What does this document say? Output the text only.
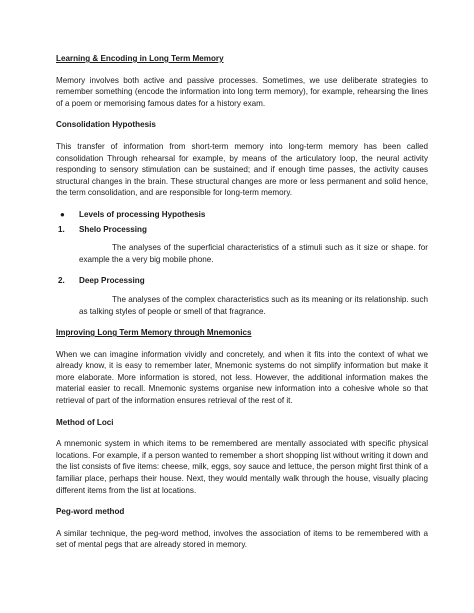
Learning & Encoding in Long Term Memory

Memory involves both active and passive processes. Sometimes, we use deliberate strategies to remember something (encode the information into long term memory), for example, rehearsing the lines of a poem or memorising famous dates for a history exam.

Consolidation Hypothesis

This transfer of information from short-term memory into long-term memory has been called consolidation Through rehearsal for example, by means of the articulatory loop, the neural activity responding to sensory stimulation can be sustained; and if enough time passes, the activity causes structural changes in the brain. These structural changes are more or less permanent and solid hence, the term consolidation, and are responsible for long-term memory.

●	Levels of processing Hypothesis
1.	Shelo Processing

The analyses of the superficial characteristics of a stimuli such as it size or shape. for example the a very big mobile phone.

2.	Deep Processing

The analyses of the complex characteristics such as its meaning or its relationship. such as talking styles of people or smell of that fragrance.

Improving Long Term Memory through Mnemonics

When we can imagine information vividly and concretely, and when it fits into the context of what we already know, it is easy to remember later, Mnemonic systems do not simplify information but make it more elaborate. More information is stored, not less. However, the additional information makes the material easier to recall. Mnemonic systems organise new information into a cohesive whole so that retrieval of part of the information ensures retrieval of the rest of it.

Method of Loci

A mnemonic system in which items to be remembered are mentally associated with specific physical locations. For example, if a person wanted to remember a short shopping list without writing it down and the list consists of five items: cheese, milk, eggs, soy sauce and lettuce, the person might first think of a familiar place, perhaps their house. Next, they would mentally walk through the house, visually placing different items from the list at locations.

Peg-word method

A similar technique, the peg-word method, involves the association of items to be remembered with a set of mental pegs that are already stored in memory.
